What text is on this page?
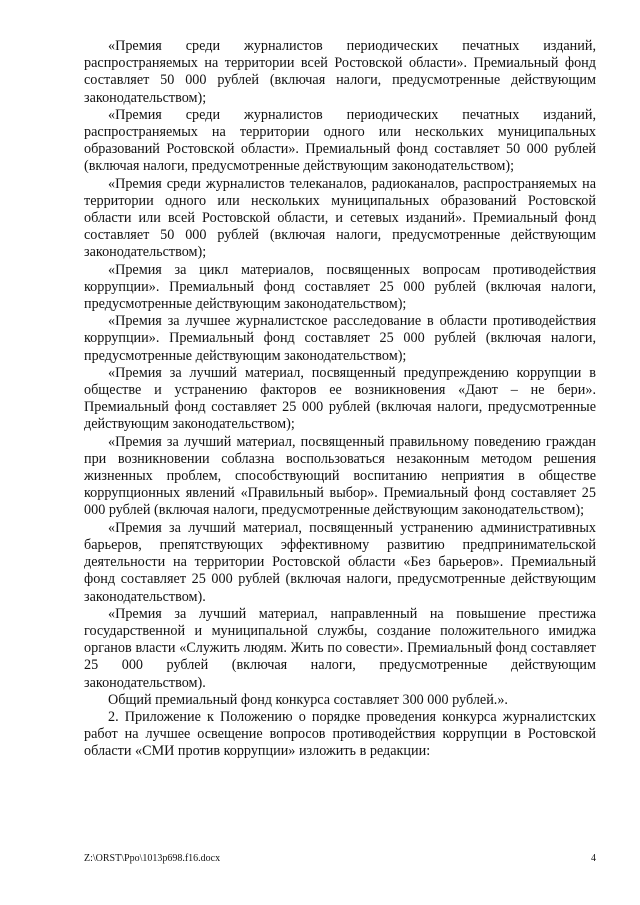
«Премия среди журналистов периодических печатных изданий, распространяемых на территории всей Ростовской области». Премиальный фонд составляет 50 000 рублей (включая налоги, предусмотренные действующим законодательством);

«Премия среди журналистов периодических печатных изданий, распространяемых на территории одного или нескольких муниципальных образований Ростовской области». Премиальный фонд составляет 50 000 рублей (включая налоги, предусмотренные действующим законодательством);

«Премия среди журналистов телеканалов, радиоканалов, распространяемых на территории одного или нескольких муниципальных образований Ростовской области или всей Ростовской области, и сетевых изданий». Премиальный фонд составляет 50 000 рублей (включая налоги, предусмотренные действующим законодательством);

«Премия за цикл материалов, посвященных вопросам противодействия коррупции». Премиальный фонд составляет 25 000 рублей (включая налоги, предусмотренные действующим законодательством);

«Премия за лучшее журналистское расследование в области противодействия коррупции». Премиальный фонд составляет 25 000 рублей (включая налоги, предусмотренные действующим законодательством);

«Премия за лучший материал, посвященный предупреждению коррупции в обществе и устранению факторов ее возникновения «Дают – не бери». Премиальный фонд составляет 25 000 рублей (включая налоги, предусмотренные действующим законодательством);

«Премия за лучший материал, посвященный правильному поведению граждан при возникновении соблазна воспользоваться незаконным методом решения жизненных проблем, способствующий воспитанию неприятия в обществе коррупционных явлений «Правильный выбор». Премиальный фонд составляет 25 000 рублей (включая налоги, предусмотренные действующим законодательством);

«Премия за лучший материал, посвященный устранению административных барьеров, препятствующих эффективному развитию предпринимательской деятельности на территории Ростовской области «Без барьеров». Премиальный фонд составляет 25 000 рублей (включая налоги, предусмотренные действующим законодательством).

«Премия за лучший материал, направленный на повышение престижа государственной и муниципальной службы, создание положительного имиджа органов власти «Служить людям. Жить по совести». Премиальный фонд составляет 25 000 рублей (включая налоги, предусмотренные действующим законодательством).

Общий премиальный фонд конкурса составляет 300 000 рублей.».

2. Приложение к Положению о порядке проведения конкурса журналистских работ на лучшее освещение вопросов противодействия коррупции в Ростовской области «СМИ против коррупции» изложить в редакции:

Z:\ORST\Ppo\1013p698.f16.docx	4
